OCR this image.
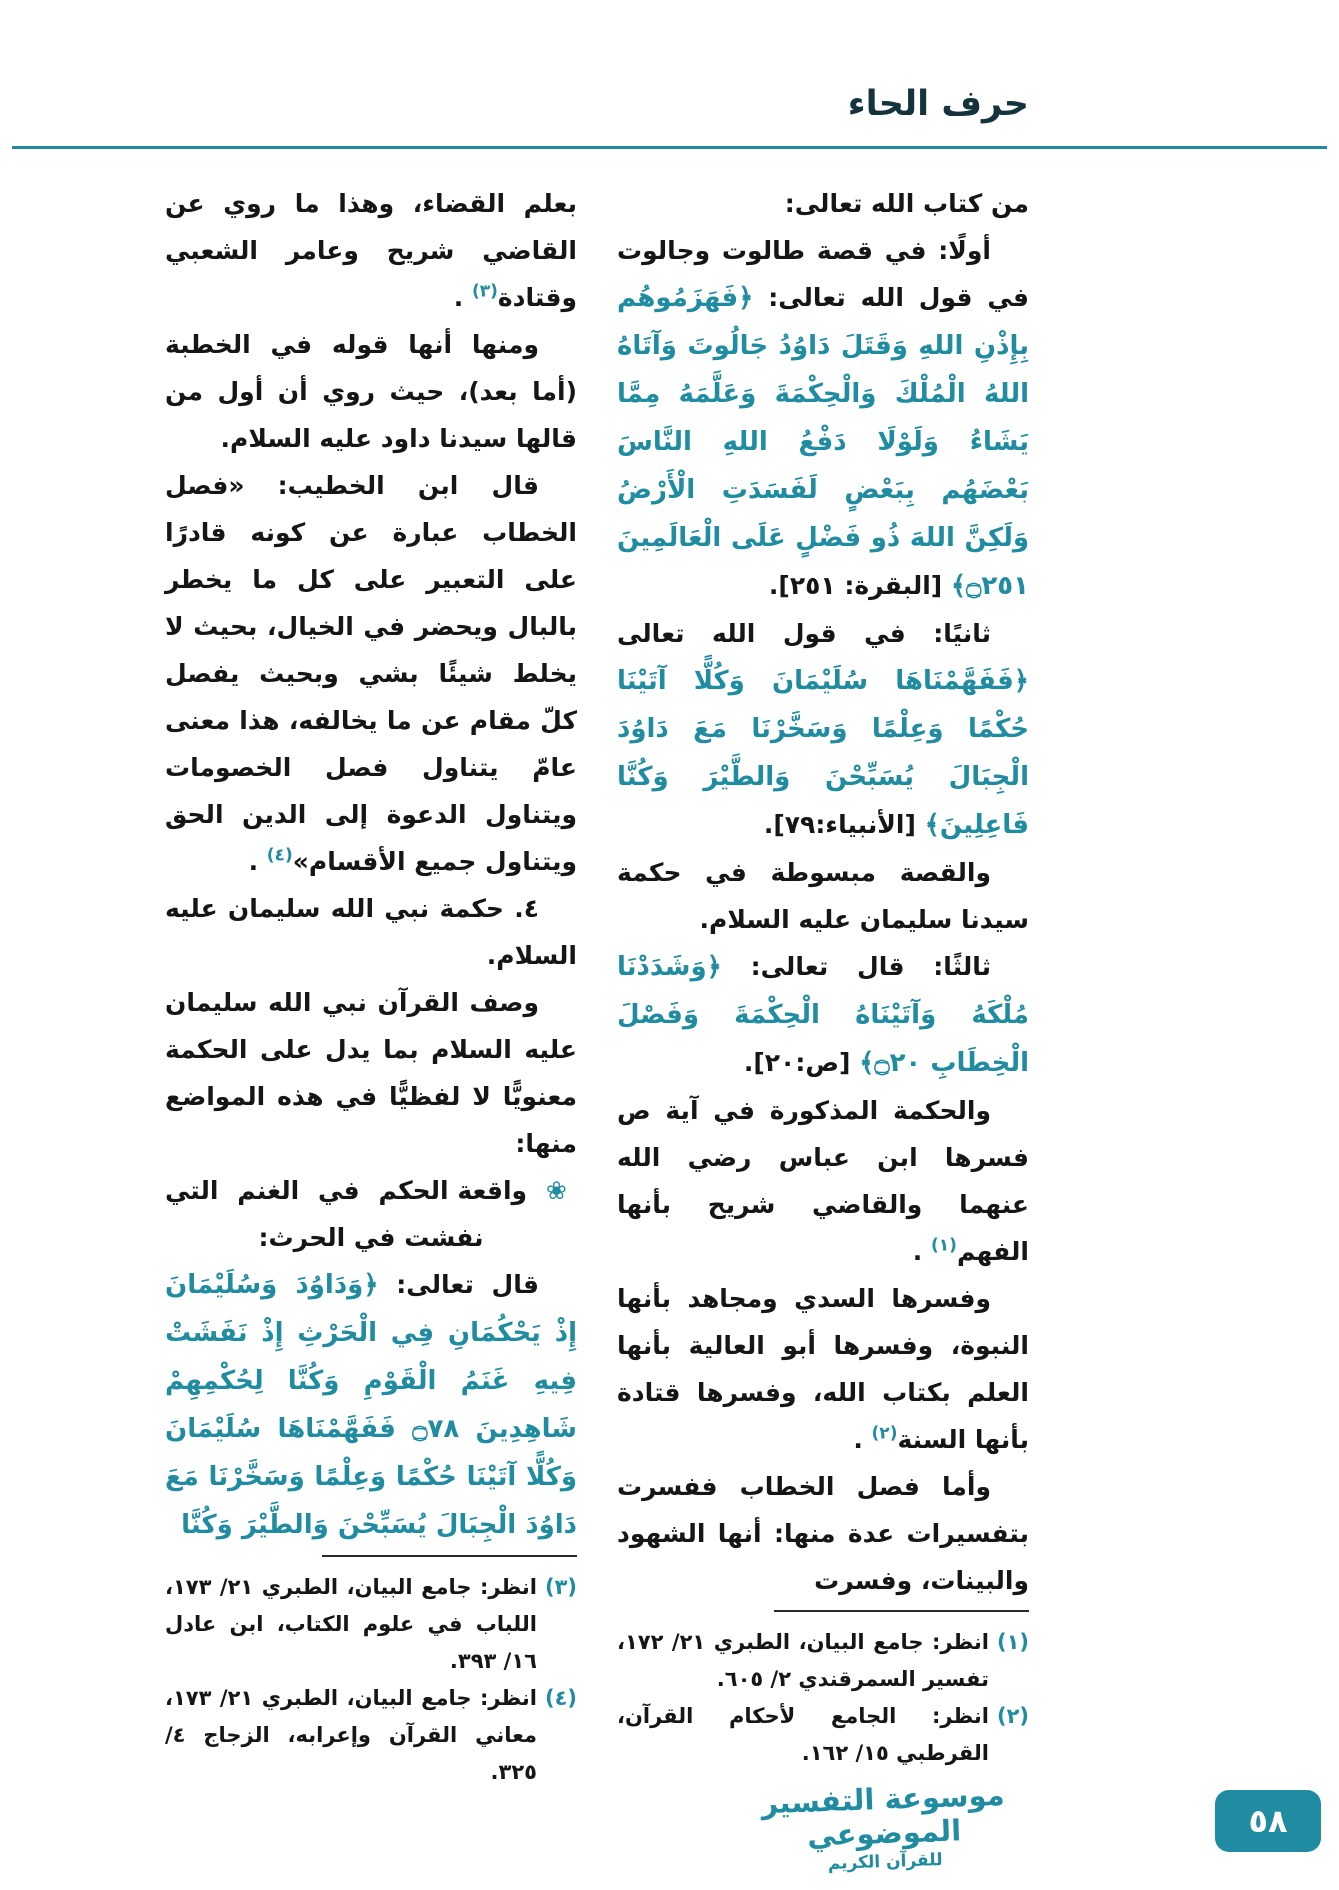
حرف الحاء

من كتاب الله تعالى:

أولًا: في قصة طالوت وجالوت في قول الله تعالى: ﴿فَهَزَمُوهُم بِإِذْنِ اللهِ وَقَتَلَ دَاوُدُ جَالُوتَ وَآتَاهُ اللهُ الْمُلْكَ وَالْحِكْمَةَ وَعَلَّمَهُ مِمَّا يَشَاءُ وَلَوْلَا دَفْعُ اللهِ النَّاسَ بَعْضَهُم بِبَعْضٍ لَفَسَدَتِ الْأَرْضُ وَلَكِنَّ اللهَ ذُو فَضْلٍ عَلَى الْعَالَمِينَ ۝٢٥١﴾ [البقرة: ٢٥١].

ثانيًا: في قول الله تعالى ﴿فَفَهَّمْنَاهَا سُلَيْمَانَ وَكُلًّا آتَيْنَا حُكْمًا وَعِلْمًا وَسَخَّرْنَا مَعَ دَاوُدَ الْجِبَالَ يُسَبِّحْنَ وَالطَّيْرَ وَكُنَّا فَاعِلِينَ﴾ [الأنبياء:٧٩].

والقصة مبسوطة في حكمة سيدنا سليمان عليه السلام.

ثالثًا: قال تعالى: ﴿وَشَدَدْنَا مُلْكَهُ وَآتَيْنَاهُ الْحِكْمَةَ وَفَصْلَ الْخِطَابِ ۝٢٠﴾ [ص:٢٠].

والحكمة المذكورة في آية ص فسرها ابن عباس رضي الله عنهما والقاضي شريح بأنها الفهم$^{(١)}$ .

وفسرها السدي ومجاهد بأنها النبوة، وفسرها أبو العالية بأنها العلم بكتاب الله، وفسرها قتادة بأنها السنة$^{(٢)}$ .

وأما فصل الخطاب ففسرت بتفسيرات عدة منها: أنها الشهود والبينات، وفسرت

(١)
انظر: جامع البيان، الطبري ٢١/ ١٧٢، تفسير السمرقندي ٢/ ٦٠٥.
(٢)
انظر: الجامع لأحكام القرآن، القرطبي ١٥/ ١٦٢.

بعلم القضاء، وهذا ما روي عن القاضي شريح وعامر الشعبي وقتادة$^{(٣)}$ .

ومنها أنها قوله في الخطبة (أما بعد)، حيث روي أن أول من قالها سيدنا داود عليه السلام.

قال ابن الخطيب: «فصل الخطاب عبارة عن كونه قادرًا على التعبير على كل ما يخطر بالبال ويحضر في الخيال، بحيث لا يخلط شيئًا بشي وبحيث يفصل كلّ مقام عن ما يخالفه، هذا معنى عامّ يتناول فصل الخصومات ويتناول الدعوة إلى الدين الحق ويتناول جميع الأقسام»$^{(٤)}$ .

٤. حكمة نبي الله سليمان عليه السلام.

وصف القرآن نبي الله سليمان عليه السلام بما يدل على الحكمة معنويًّا لا لفظيًّا في هذه المواضع منها:

❀ واقعة الحكم في الغنم التي نفشت في الحرث:

قال تعالى: ﴿وَدَاوُدَ وَسُلَيْمَانَ إِذْ يَحْكُمَانِ فِي الْحَرْثِ إِذْ نَفَشَتْ فِيهِ غَنَمُ الْقَوْمِ وَكُنَّا لِحُكْمِهِمْ شَاهِدِينَ ۝٧٨ فَفَهَّمْنَاهَا سُلَيْمَانَ وَكُلًّا آتَيْنَا حُكْمًا وَعِلْمًا وَسَخَّرْنَا مَعَ دَاوُدَ الْجِبَالَ يُسَبِّحْنَ وَالطَّيْرَ وَكُنَّا

(٣)
انظر: جامع البيان، الطبري ٢١/ ١٧٣، اللباب في علوم الكتاب، ابن عادل ١٦/ ٣٩٣.
(٤)
انظر: جامع البيان، الطبري ٢١/ ١٧٣، معاني القرآن وإعرابه، الزجاج ٤/ ٣٢٥.
موسوعة التفسير الموضوعي
للقرآن الكريم
٥٨
